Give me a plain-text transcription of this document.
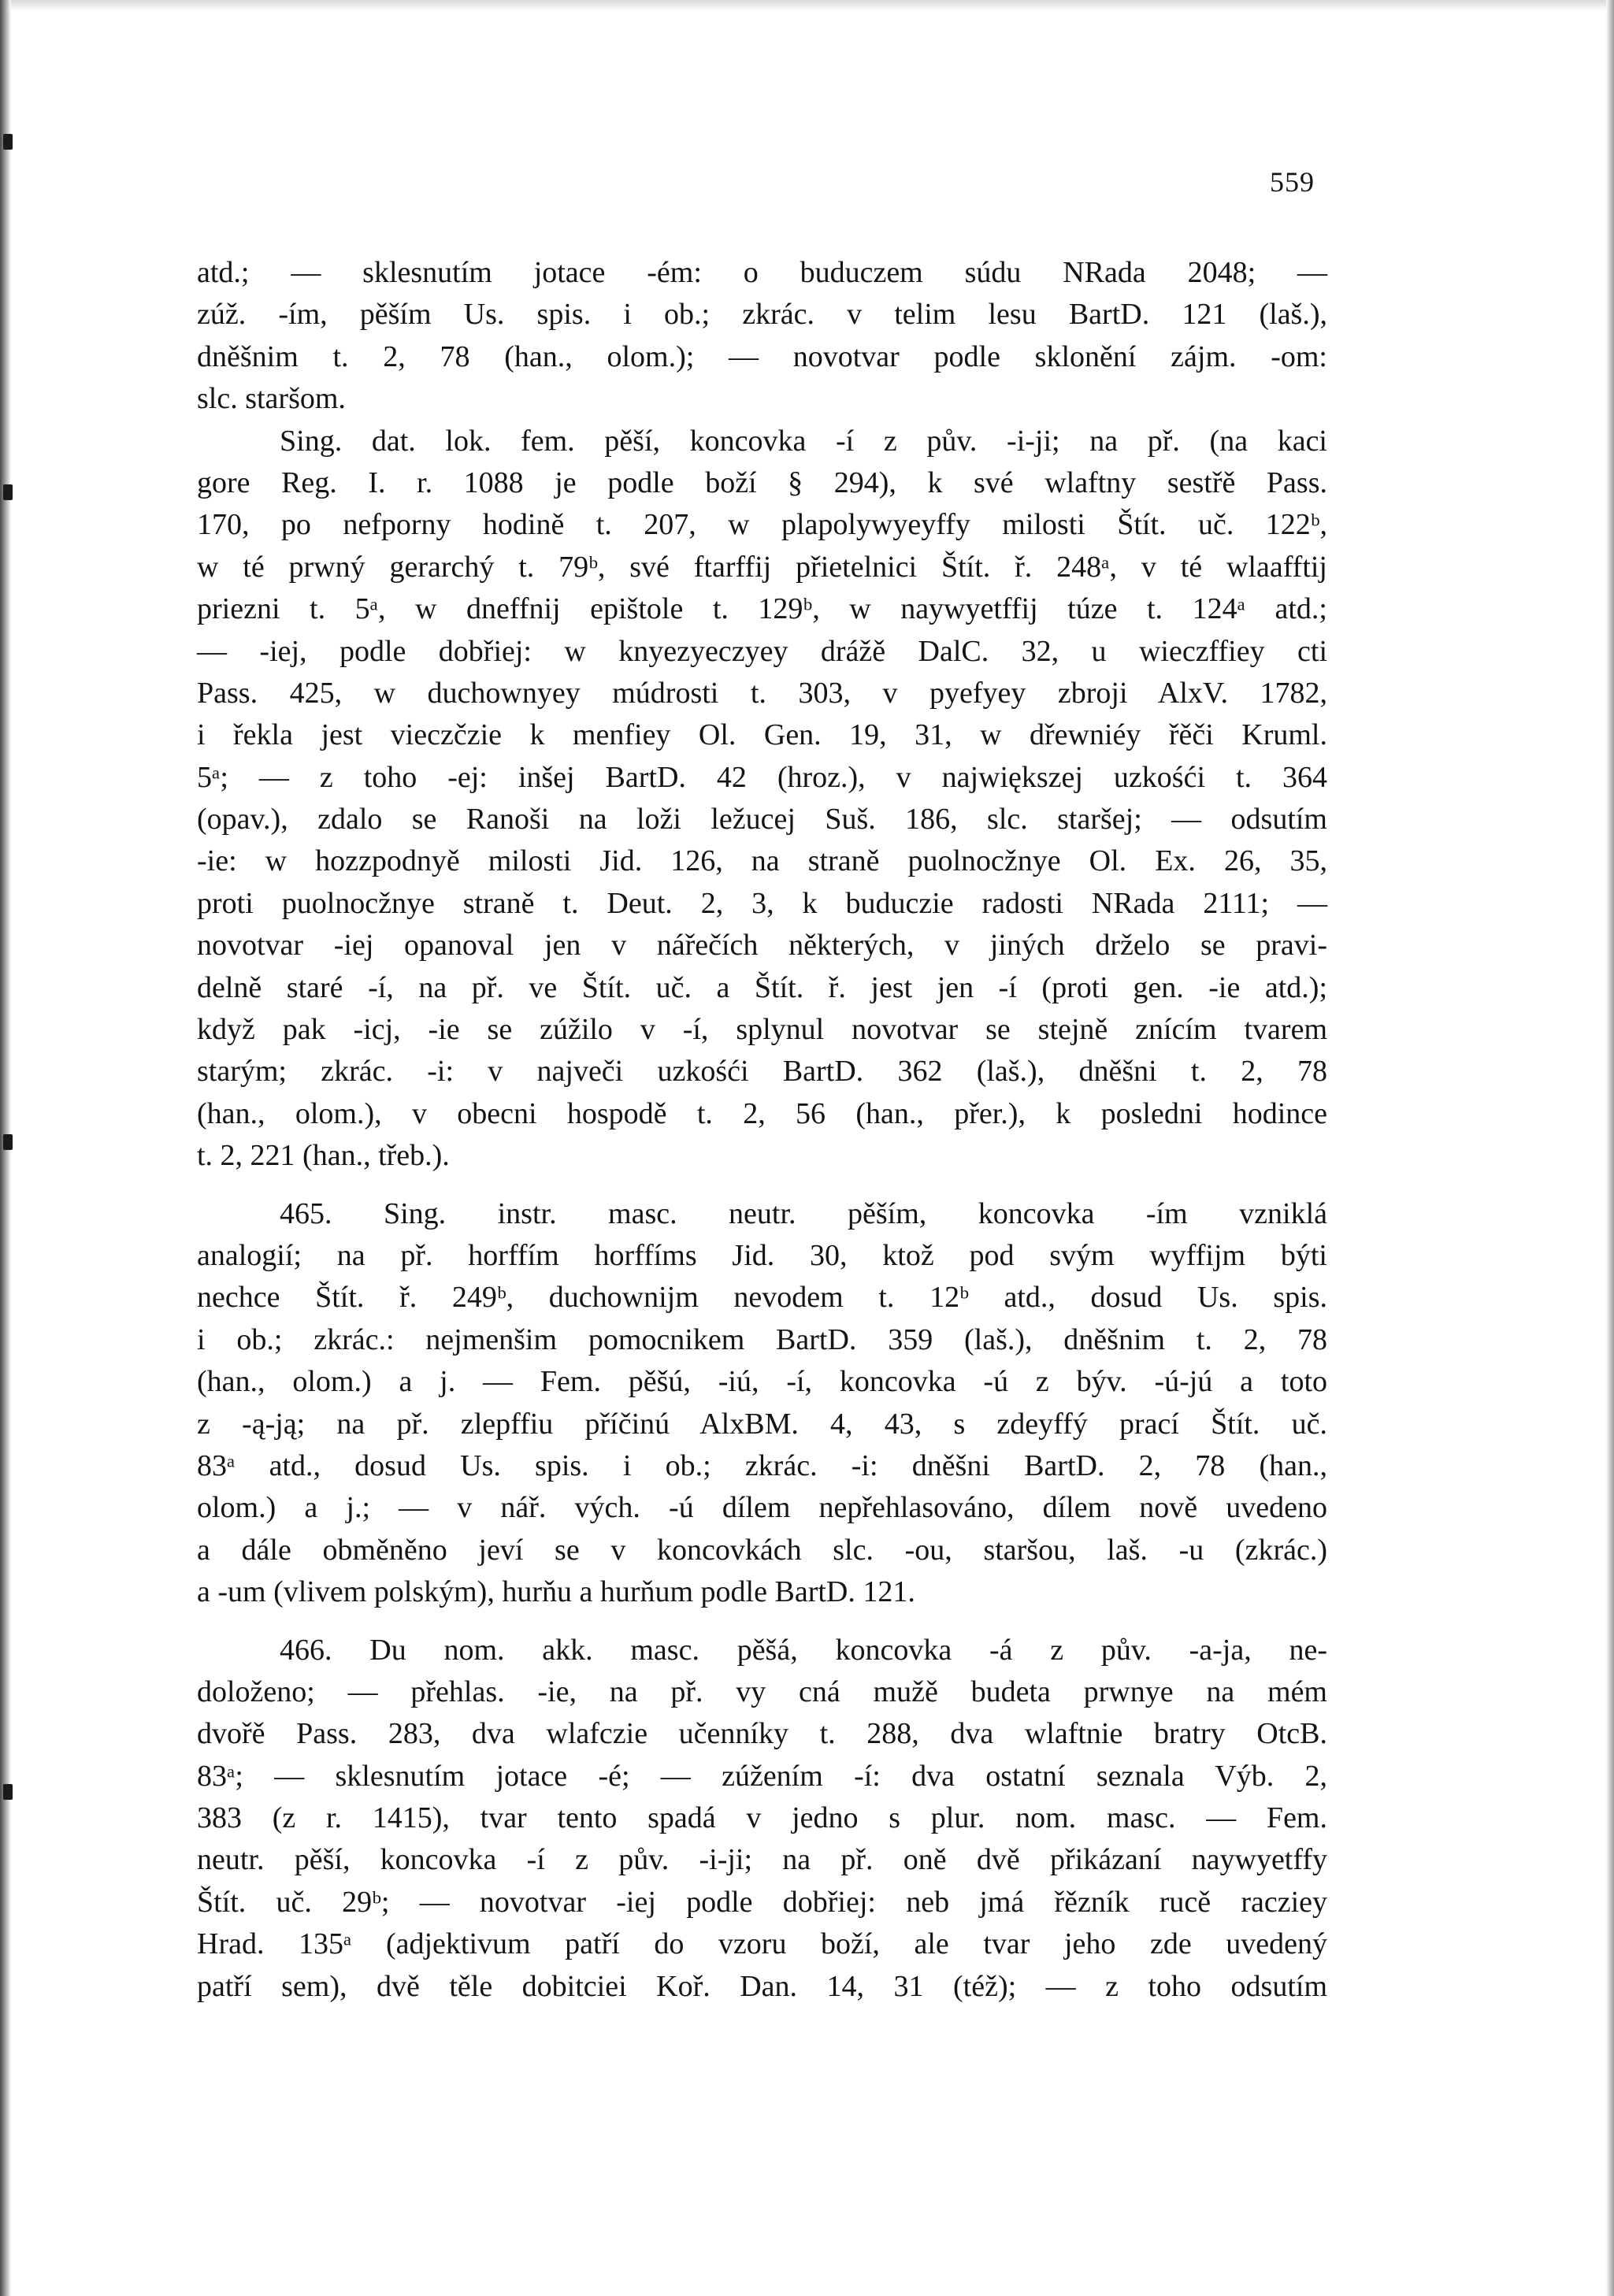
559
atd.; — sklesnutím jotace -ém: o buduczem súdu NRada 2048; —
zúž. -ím, pěším Us. spis. i ob.; zkrác. v telim lesu BartD. 121 (laš.),
dněšnim t. 2, 78 (han., olom.); — novotvar podle sklonění zájm. -om:
slc. staršom.
Sing. dat. lok. fem. pěší, koncovka -í z pův. -i-ji; na př. (na kaci
gore Reg. I. r. 1088 je podle boží § 294), k své wlaftny sestřě Pass.
170, po nefporny hodině t. 207, w plapolywyeyffy milosti Štít. uč. 122ᵇ,
w té prwný gerarchý t. 79ᵇ, své ftarffij přietelnici Štít. ř. 248ᵃ, v té wlaafftij
priezni t. 5ᵃ, w dneffnij epištole t. 129ᵇ, w naywyetffij túze t. 124ᵃ atd.;
— -iej, podle dobřiej: w knyezyeczyey drážě DalC. 32, u wieczffiey cti
Pass. 425, w duchownyey múdrosti t. 303, v pyefyey zbroji AlxV. 1782,
i řekla jest vieczčzie k menfiey Ol. Gen. 19, 31, w dřewniéy řěči Kruml.
5ᵃ; — z toho -ej: inšej BartD. 42 (hroz.), v największej uzkośći t. 364
(opav.), zdalo se Ranoši na loži ležucej Suš. 186, slc. staršej; — odsutím
-ie: w hozzpodnyě milosti Jid. 126, na straně puolnocžnye Ol. Ex. 26, 35,
proti puolnocžnye straně t. Deut. 2, 3, k buduczie radosti NRada 2111; —
novotvar -iej opanoval jen v nářečích některých, v jiných drželo se pravi-
delně staré -í, na př. ve Štít. uč. a Štít. ř. jest jen -í (proti gen. -ie atd.);
když pak -icj, -ie se zúžilo v -í, splynul novotvar se stejně znícím tvarem
starým; zkrác. -i: v največi uzkośći BartD. 362 (laš.), dněšni t. 2, 78
(han., olom.), v obecni hospodě t. 2, 56 (han., přer.), k posledni hodince
t. 2, 221 (han., třeb.).
465. Sing. instr. masc. neutr. pěším, koncovka -ím vzniklá
analogií; na př. horffím horffíms Jid. 30, ktož pod svým wyffijm býti
nechce Štít. ř. 249ᵇ, duchownijm nevodem t. 12ᵇ atd., dosud Us. spis.
i ob.; zkrác.: nejmenšim pomocnikem BartD. 359 (laš.), dněšnim t. 2, 78
(han., olom.) a j. — Fem. pěšú, -iú, -í, koncovka -ú z býv. -ú-jú a toto
z -ą-ją; na př. zlepffiu příčinú AlxBM. 4, 43, s zdeyffý prací Štít. uč.
83ᵃ atd., dosud Us. spis. i ob.; zkrác. -i: dněšni BartD. 2, 78 (han.,
olom.) a j.; — v nář. vých. -ú dílem nepřehlasováno, dílem nově uvedeno
a dále obměněno jeví se v koncovkách slc. -ou, staršou, laš. -u (zkrác.)
a -um (vlivem polským), hurňu a hurňum podle BartD. 121.
466. Du nom. akk. masc. pěšá, koncovka -á z pův. -a-ja, ne-
doloženo; — přehlas. -ie, na př. vy cná mužě budeta prwnye na mém
dvořě Pass. 283, dva wlafczie učenníky t. 288, dva wlaftnie bratry OtcB.
83ᵃ; — sklesnutím jotace -é; — zúžením -í: dva ostatní seznala Výb. 2,
383 (z r. 1415), tvar tento spadá v jedno s plur. nom. masc. — Fem.
neutr. pěší, koncovka -í z pův. -i-ji; na př. oně dvě přikázaní naywyetffy
Štít. uč. 29ᵇ; — novotvar -iej podle dobřiej: neb jmá řězník rucě racziey
Hrad. 135ᵃ (adjektivum patří do vzoru boží, ale tvar jeho zde uvedený
patří sem), dvě těle dobitciei Koř. Dan. 14, 31 (též); — z toho odsutím
